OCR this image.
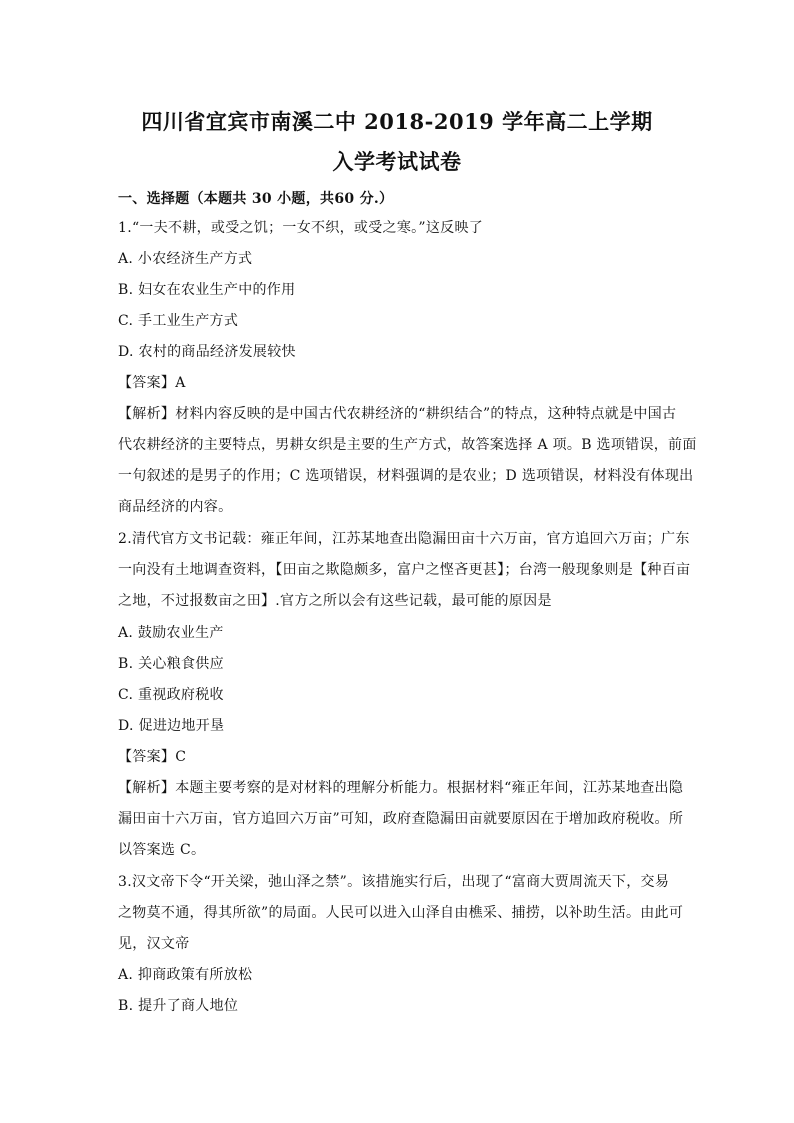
四川省宜宾市南溪二中 2018-2019 学年高二上学期
入学考试试卷
一、选择题（本题共 30 小题，共60 分.）
1.“一夫不耕，或受之饥；一女不织，或受之寒。”这反映了
A. 小农经济生产方式
B. 妇女在农业生产中的作用
C. 手工业生产方式
D. 农村的商品经济发展较快
【答案】A
【解析】材料内容反映的是中国古代农耕经济的“耕织结合”的特点，这种特点就是中国古
代农耕经济的主要特点，男耕女织是主要的生产方式，故答案选择 A 项。B 选项错误，前面
一句叙述的是男子的作用；C 选项错误，材料强调的是农业；D 选项错误，材料没有体现出
商品经济的内容。
2.清代官方文书记载：雍正年间，江苏某地查出隐漏田亩十六万亩，官方追回六万亩；广东
一向没有土地调查资料，【田亩之欺隐颇多，富户之悭吝更甚】；台湾一般现象则是【种百亩
之地，不过报数亩之田】.官方之所以会有这些记载，最可能的原因是
A. 鼓励农业生产
B. 关心粮食供应
C. 重视政府税收
D. 促进边地开垦
【答案】C
【解析】本题主要考察的是对材料的理解分析能力。根据材料“雍正年间，江苏某地查出隐
漏田亩十六万亩，官方追回六万亩”可知，政府查隐漏田亩就要原因在于增加政府税收。所
以答案选 C。
3.汉文帝下令“开关梁，弛山泽之禁”。该措施实行后，出现了“富商大贾周流天下，交易
之物莫不通，得其所欲”的局面。人民可以进入山泽自由樵采、捕捞，以补助生活。由此可
见，汉文帝
A. 抑商政策有所放松
B. 提升了商人地位
